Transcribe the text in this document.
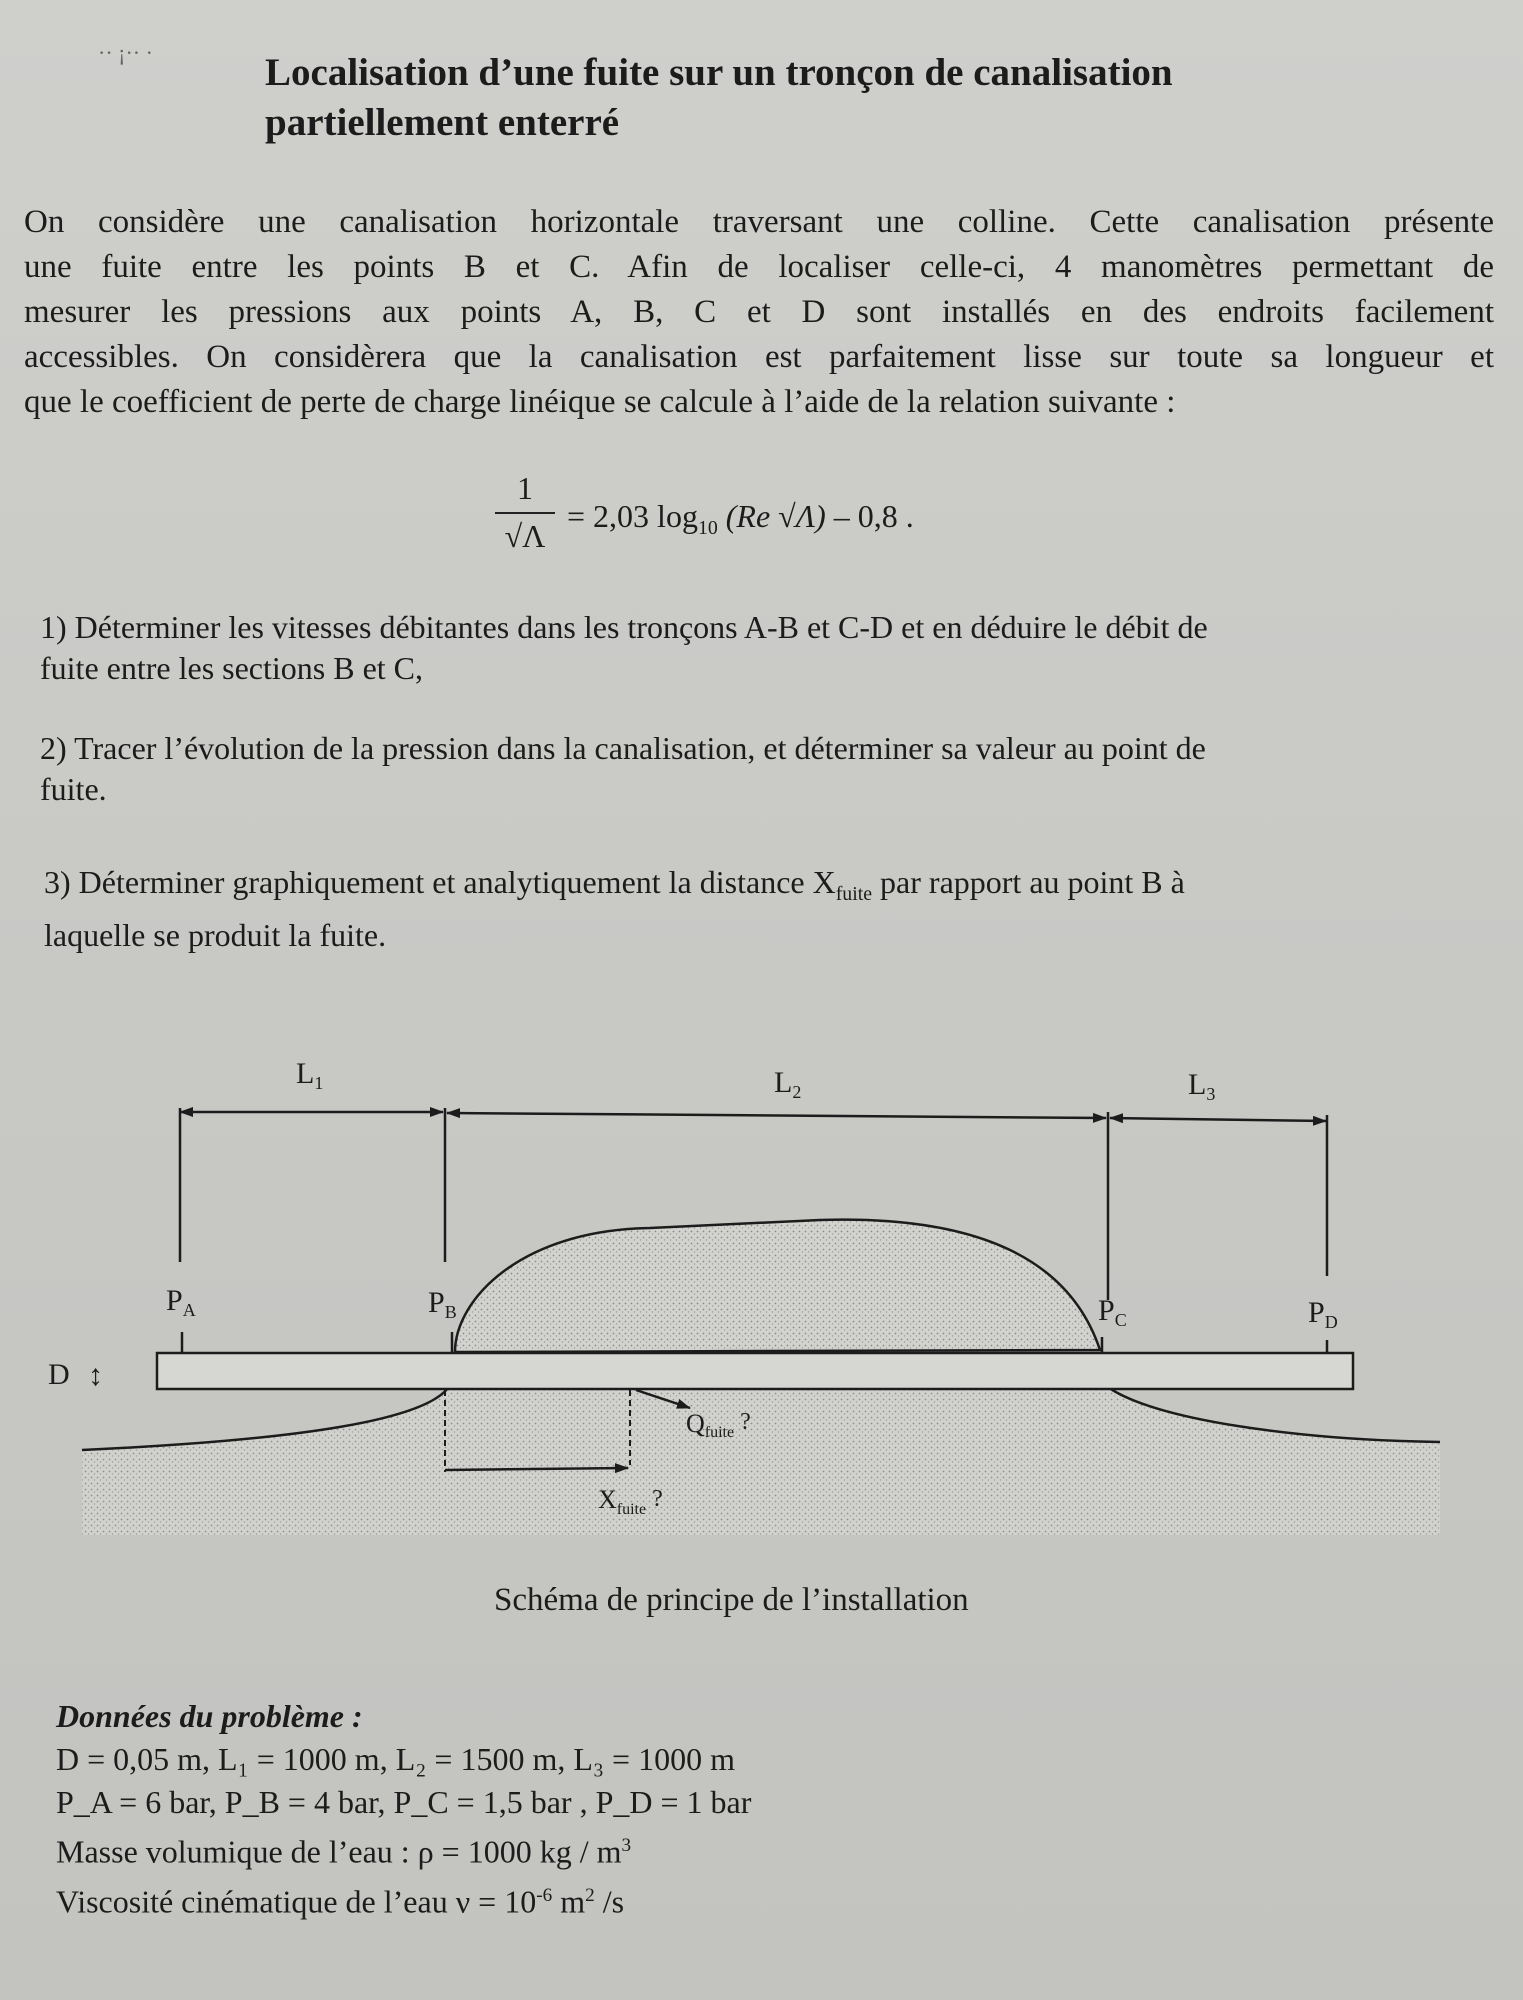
·· ¡·· ·	Localisation d’une fuite sur un tronçon de canalisation
partiellement enterré
On considère une canalisation horizontale traversant une colline. Cette canalisation présente
une fuite entre les points B et C. Afin de localiser celle-ci, 4 manomètres permettant de
mesurer les pressions aux points A, B, C et D sont installés en des endroits facilement
accessibles. On considèrera que la canalisation est parfaitement lisse sur toute sa longueur et
que le coefficient de perte de charge linéique se calcule à l’aide de la relation suivante :
1
√Λ
= 2,03 $\log_{10} (Re$ √Λ) – 0,8 .
1) Déterminer les vitesses débitantes dans les tronçons A-B et C-D et en déduire le débit de
fuite entre les sections B et C,
2) Tracer l’évolution de la pression dans la canalisation, et déterminer sa valeur au point de
fuite.
3) Déterminer graphiquement et analytiquement la distance $X_{fuite}$ par rapport au point B à
laquelle se produit la fuite.
$L_1$	$L_2$	$L_3$
$P_A$	$P_B$	$P_C$	$P_D$
D ↕
Qfuite ?
$X_{fuite}$ ?
Schéma de principe de l’installation
Données du problème :
D = 0,05 m, L₁ = 1000 m, L₂ = 1500 m, L₃ = 1000 m
P_A = 6 bar, P_B = 4 bar, P_C = 1,5 bar , P_D = 1 bar
Masse volumique de l’eau : ρ = 1000 kg / $m^3$
Viscosité cinématique de l’eau $\nu = 10^{-6}$ $m^2$ /s
